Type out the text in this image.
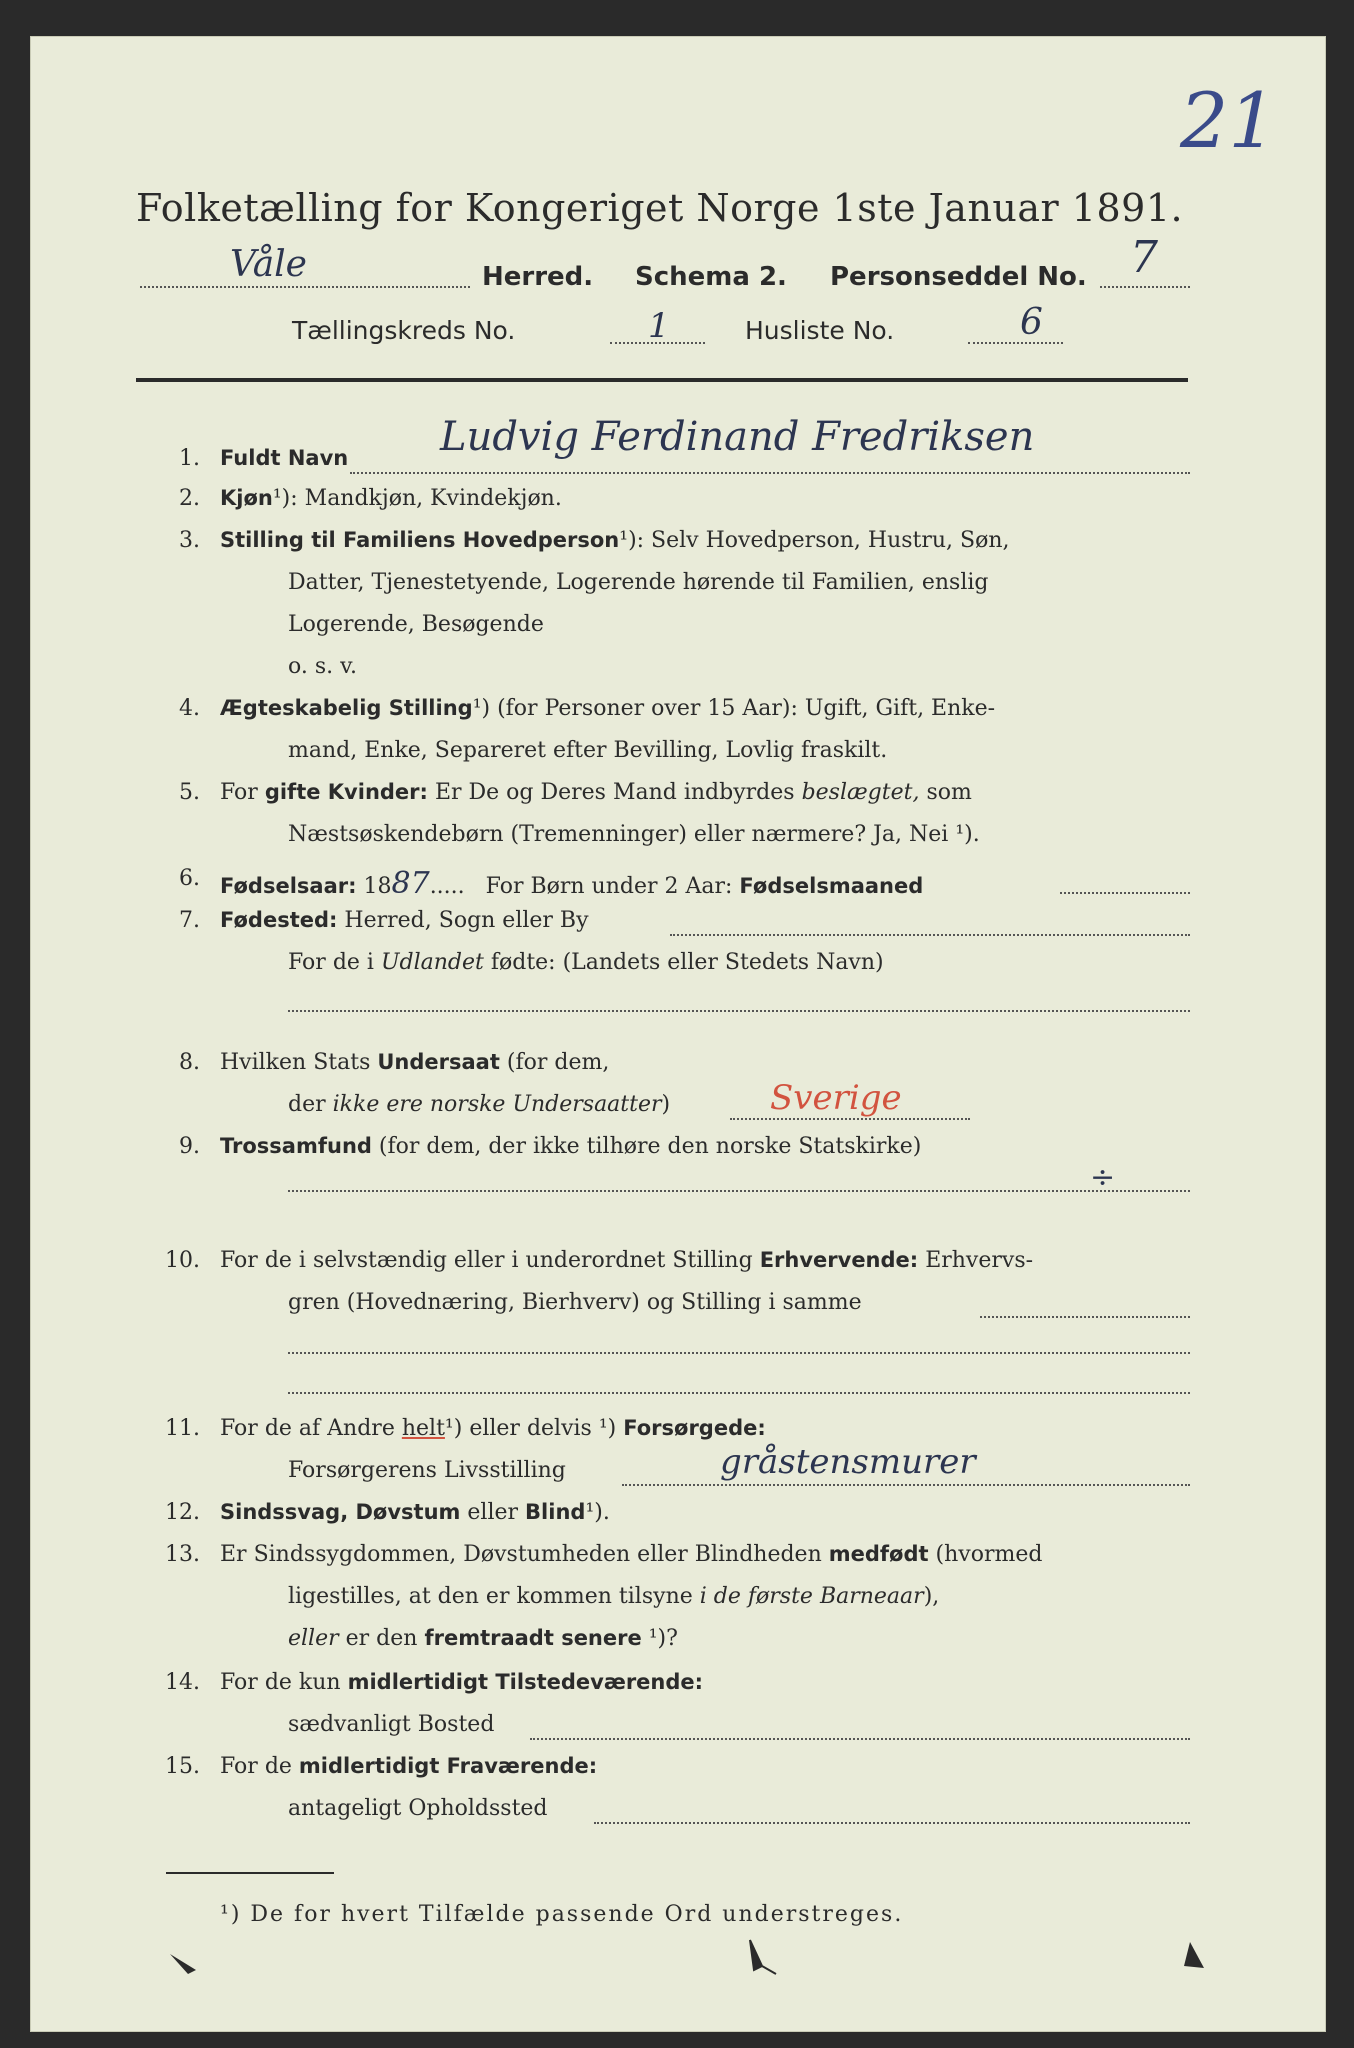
21
Folketælling for Kongeriget Norge 1ste Januar 1891.
Våle	Herred. Schema 2. Personseddel No. 7
Tællingskreds No.	1	Husliste No.	6
1. Fuldt Navn Ludvig Ferdinand Fredriksen
2. Kjøn¹): Mandkjøn, Kvindekjøn.
3. Stilling til Familiens Hovedperson¹): Selv Hovedperson, Hustru, Søn,
Datter, Tjenestetyende, Logerende hørende til Familien, enslig
Logerende, Besøgende
o. s. v.
4. Ægteskabelig Stilling¹) (for Personer over 15 Aar): Ugift, Gift, Enke-
mand, Enke, Separeret efter Bevilling, Lovlig fraskilt.
5. For gifte Kvinder: Er De og Deres Mand indbyrdes beslægtet, som
Næstsøskendebørn (Tremenninger) eller nærmere? Ja, Nei ¹).
6. Fødselsaar: 1887.....   For Børn under 2 Aar: Fødselsmaaned
7. Fødested: Herred, Sogn eller By
For de i Udlandet fødte: (Landets eller Stedets Navn)
8. Hvilken Stats Undersaat (for dem,
der ikke ere norske Undersaatter)	Sverige
9. Trossamfund (for dem, der ikke tilhøre den norske Statskirke)
÷
10. For de i selvstændig eller i underordnet Stilling Erhvervende: Erhvervs-
gren (Hovednæring, Bierhverv) og Stilling i samme
11. For de af Andre helt¹) eller delvis ¹) Forsørgede:
Forsørgerens Livsstilling	gråstensmurer
12. Sindssvag, Døvstum eller Blind¹).
13. Er Sindssygdommen, Døvstumheden eller Blindheden medfødt (hvormed
ligestilles, at den er kommen tilsyne i de første Barneaar),
eller er den fremtraadt senere ¹)?
14. For de kun midlertidigt Tilstedeværende:
sædvanligt Bosted
15. For de midlertidigt Fraværende:
antageligt Opholdssted
¹) De for hvert Tilfælde passende Ord understreges.
